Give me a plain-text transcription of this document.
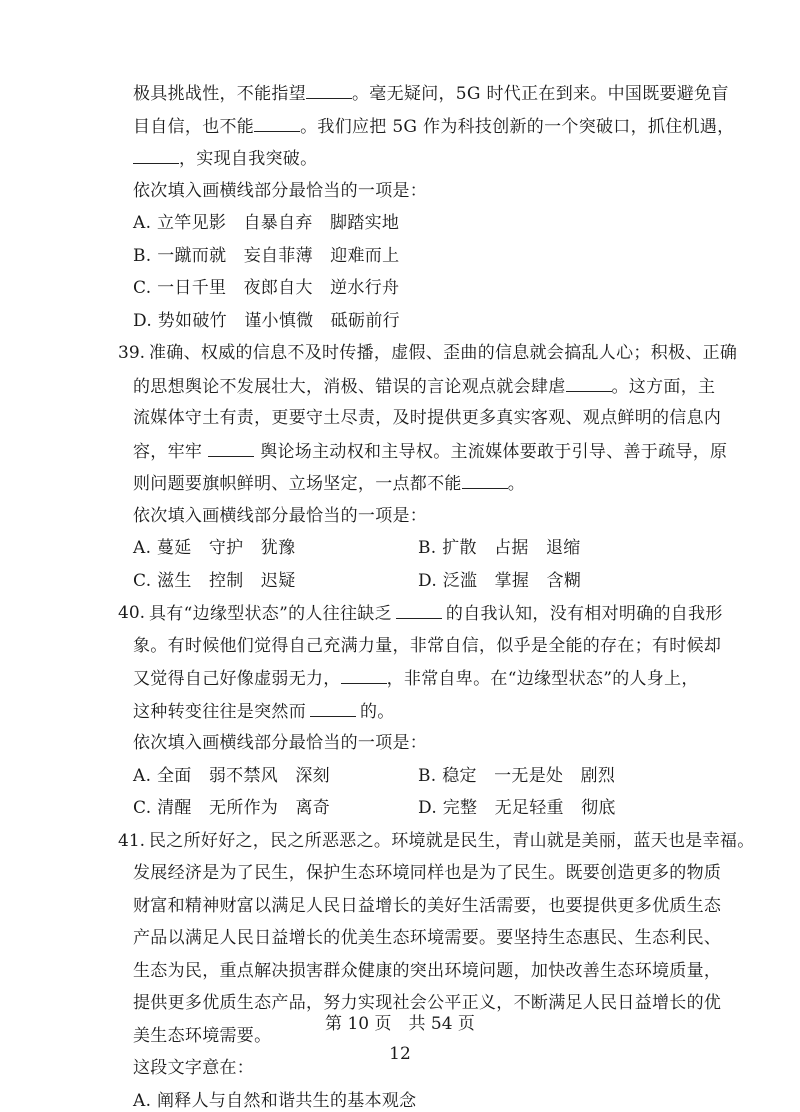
极具挑战性，不能指望	。毫无疑问，5G 时代正在到来。中国既要避免盲
目自信，也不能	。我们应把 5G 作为科技创新的一个突破口，抓住机遇，
，实现自我突破。
依次填入画横线部分最恰当的一项是：
A. 立竿见影　自暴自弃　脚踏实地
B. 一蹴而就　妄自菲薄　迎难而上
C. 一日千里　夜郎自大　逆水行舟
D. 势如破竹　谨小慎微　砥砺前行
39. 准确、权威的信息不及时传播，虚假、歪曲的信息就会搞乱人心；积极、正确
的思想舆论不发展壮大，消极、错误的言论观点就会肆虐	。这方面，主
流媒体守土有责，更要守土尽责，及时提供更多真实客观、观点鲜明的信息内
容，牢牢	舆论场主动权和主导权。主流媒体要敢于引导、善于疏导，原
则问题要旗帜鲜明、立场坚定，一点都不能	。
依次填入画横线部分最恰当的一项是：
A. 蔓延　守护　犹豫	B. 扩散　占据　退缩
C. 滋生　控制　迟疑	D. 泛滥　掌握　含糊
40. 具有“边缘型状态”的人往往缺乏	的自我认知，没有相对明确的自我形
象。有时候他们觉得自己充满力量，非常自信，似乎是全能的存在；有时候却
又觉得自己好像虚弱无力，	，非常自卑。在“边缘型状态”的人身上，
这种转变往往是突然而	的。
依次填入画横线部分最恰当的一项是：
A. 全面　弱不禁风　深刻	B. 稳定　一无是处　剧烈
C. 清醒　无所作为　离奇	D. 完整　无足轻重　彻底
41. 民之所好好之，民之所恶恶之。环境就是民生，青山就是美丽，蓝天也是幸福。
发展经济是为了民生，保护生态环境同样也是为了民生。既要创造更多的物质
财富和精神财富以满足人民日益增长的美好生活需要，也要提供更多优质生态
产品以满足人民日益增长的优美生态环境需要。要坚持生态惠民、生态利民、
生态为民，重点解决损害群众健康的突出环境问题，加快改善生态环境质量，
提供更多优质生态产品，努力实现社会公平正义，不断满足人民日益增长的优
美生态环境需要。
这段文字意在：
A. 阐释人与自然和谐共生的基本观念
第 10 页　共 54 页
12
